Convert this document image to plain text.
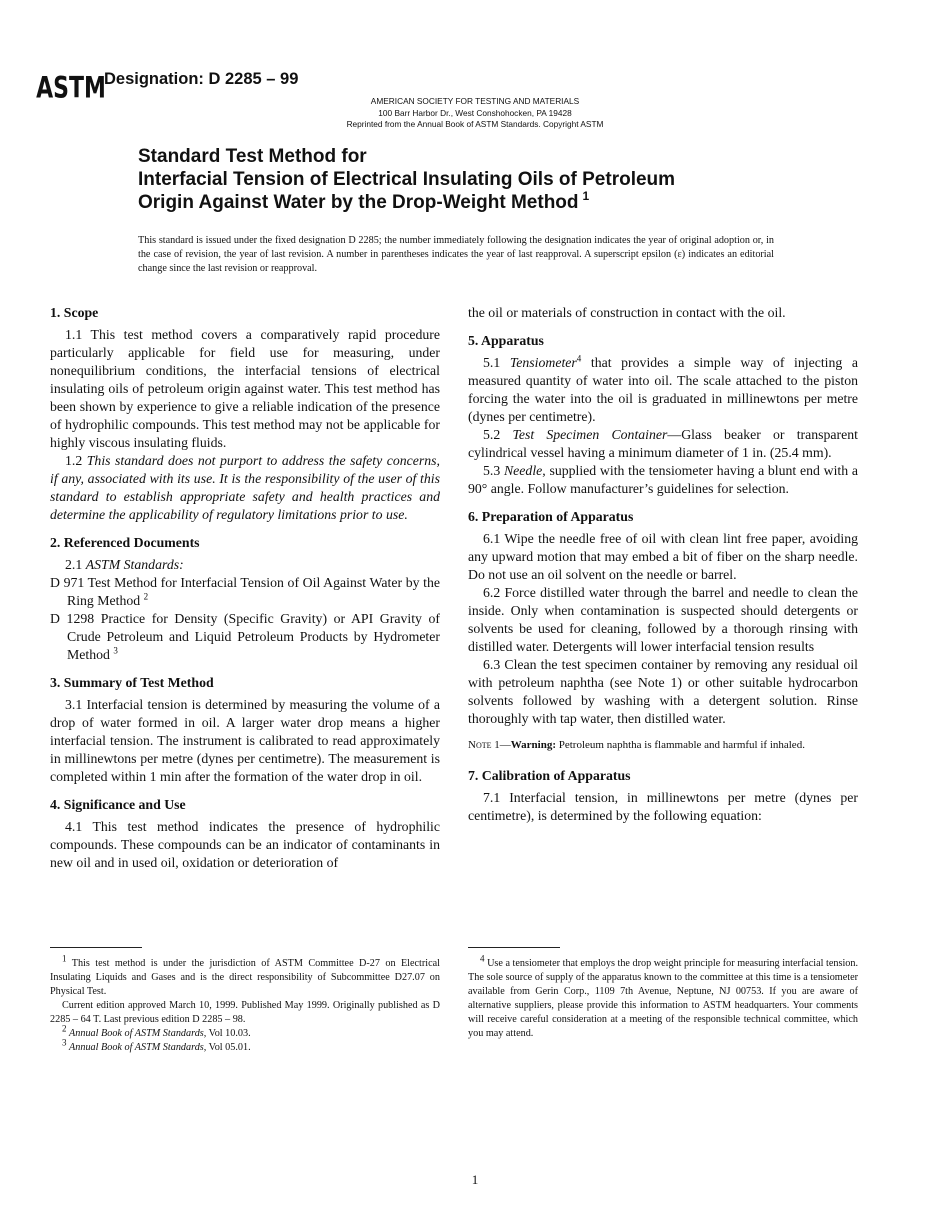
ASTM
Designation: D 2285 – 99
AMERICAN SOCIETY FOR TESTING AND MATERIALS
100 Barr Harbor Dr., West Conshohocken, PA 19428
Reprinted from the Annual Book of ASTM Standards. Copyright ASTM
Standard Test Method for
Interfacial Tension of Electrical Insulating Oils of Petroleum
Origin Against Water by the Drop-Weight Method $^1$
This standard is issued under the fixed designation D 2285; the number immediately following the designation indicates the year of original adoption or, in the case of revision, the year of last revision. A number in parentheses indicates the year of last reapproval. A superscript epsilon (ε) indicates an editorial change since the last revision or reapproval.
1. Scope

1.1 This test method covers a comparatively rapid procedure particularly applicable for field use for measuring, under nonequilibrium conditions, the interfacial tensions of electrical insulating oils of petroleum origin against water. This test method has been shown by experience to give a reliable indication of the presence of hydrophilic compounds. This test method may not be applicable for highly viscous insulating fluids.

1.2 This standard does not purport to address the safety concerns, if any, associated with its use. It is the responsibility of the user of this standard to establish appropriate safety and health practices and determine the applicability of regulatory limitations prior to use.

2. Referenced Documents

2.1 ASTM Standards:

D 971 Test Method for Interfacial Tension of Oil Against Water by the Ring Method $^2$
D 1298 Practice for Density (Specific Gravity) or API Gravity of Crude Petroleum and Liquid Petroleum Products by Hydrometer Method $^3$
3. Summary of Test Method

3.1 Interfacial tension is determined by measuring the volume of a drop of water formed in oil. A larger water drop means a higher interfacial tension. The instrument is calibrated to read approximately in millinewtons per metre (dynes per centimetre). The measurement is completed within 1 min after the formation of the water drop in oil.

4. Significance and Use

4.1 This test method indicates the presence of hydrophilic compounds. These compounds can be an indicator of contaminants in new oil and in used oil, oxidation or deterioration of

the oil or materials of construction in contact with the oil.

5. Apparatus

5.1 Tensiometer$^4$ that provides a simple way of injecting a measured quantity of water into oil. The scale attached to the piston forcing the water into the oil is graduated in millinewtons per metre (dynes per centimetre).

5.2 Test Specimen Container—Glass beaker or transparent cylindrical vessel having a minimum diameter of 1 in. (25.4 mm).

5.3 Needle, supplied with the tensiometer having a blunt end with a 90° angle. Follow manufacturer’s guidelines for selection.

6. Preparation of Apparatus

6.1 Wipe the needle free of oil with clean lint free paper, avoiding any upward motion that may embed a bit of fiber on the sharp needle. Do not use an oil solvent on the needle or barrel.

6.2 Force distilled water through the barrel and needle to clean the inside. Only when contamination is suspected should detergents or solvents be used for cleaning, followed by a thorough rinsing with distilled water. Detergents will lower interfacial tension results

6.3 Clean the test specimen container by removing any residual oil with petroleum naphtha (see Note 1) or other suitable hydrocarbon solvents followed by washing with a detergent solution. Rinse thoroughly with tap water, then distilled water.

Note 1—Warning: Petroleum naphtha is flammable and harmful if inhaled.
7. Calibration of Apparatus

7.1 Interfacial tension, in millinewtons per metre (dynes per centimetre), is determined by the following equation:

$^1$ This test method is under the jurisdiction of ASTM Committee D-27 on Electrical Insulating Liquids and Gases and is the direct responsibility of Subcommittee D27.07 on Physical Test.

Current edition approved March 10, 1999. Published May 1999. Originally published as D 2285 – 64 T. Last previous edition D 2285 – 98.

$^2$ Annual Book of ASTM Standards, Vol 10.03.

$^3$ Annual Book of ASTM Standards, Vol 05.01.

$^4$ Use a tensiometer that employs the drop weight principle for measuring interfacial tension. The sole source of supply of the apparatus known to the committee at this time is a tensiometer available from Gerin Corp., 1109 7th Avenue, Neptune, NJ 00753. If you are aware of alternative suppliers, please provide this information to ASTM headquarters. Your comments will receive careful consideration at a meeting of the responsible technical committee, which you may attend.

1
